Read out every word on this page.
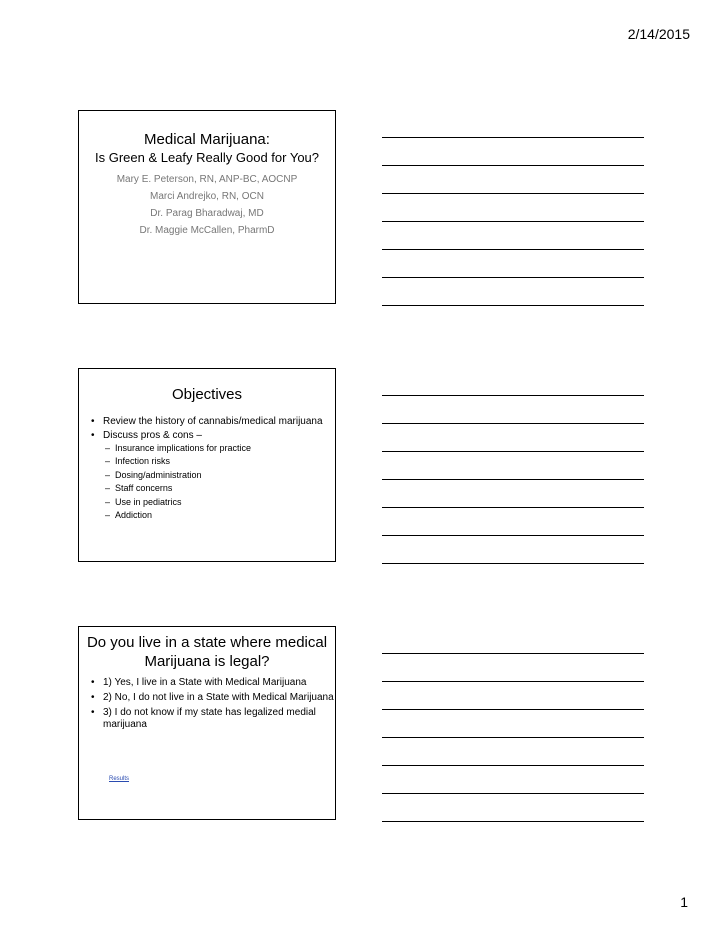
2/14/2015
Medical Marijuana:
Is Green & Leafy Really Good for You?
Mary E. Peterson, RN, ANP-BC, AOCNP
Marci Andrejko, RN, OCN
Dr. Parag Bharadwaj, MD
Dr. Maggie McCallen, PharmD
Objectives
• Review the history of cannabis/medical marijuana
• Discuss pros & cons –
– Insurance implications for practice
– Infection risks
– Dosing/administration
– Staff concerns
– Use in pediatrics
– Addiction
Do you live in a state where medical
Marijuana is legal?
• 1) Yes, I live in a State with Medical Marijuana
• 2) No, I do not live in a State with Medical Marijuana
• 3) I do not know if my state has legalized medial marijuana
Results
1
